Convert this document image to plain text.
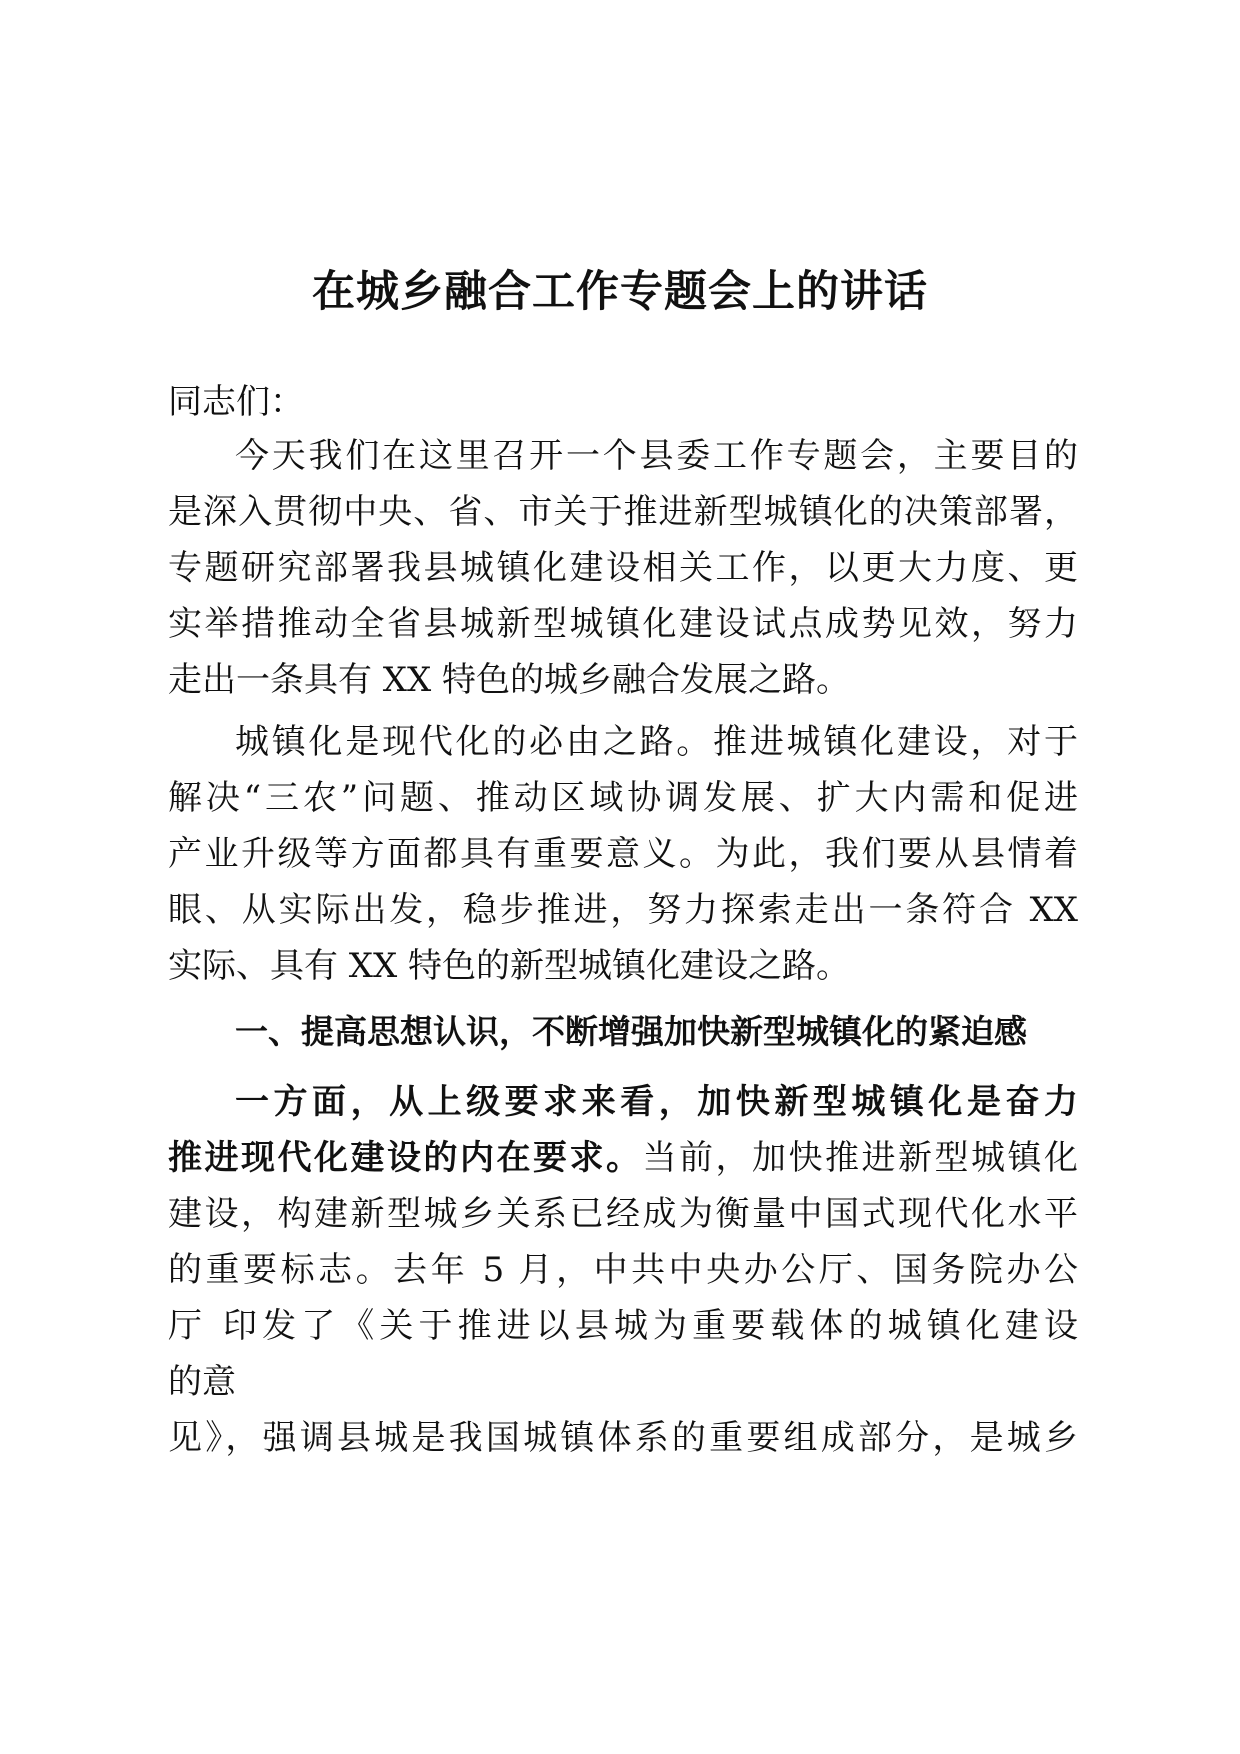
在城乡融合工作专题会上的讲话

同志们：

今天我们在这里召开一个县委工作专题会，主要目的

是深入贯彻中央、省、市关于推进新型城镇化的决策部署，

专题研究部署我县城镇化建设相关工作，以更大力度、更

实举措推动全省县城新型城镇化建设试点成势见效，努力

走出一条具有 XX 特色的城乡融合发展之路。

城镇化是现代化的必由之路。推进城镇化建设，对于

解决“三农”问题、推动区域协调发展、扩大内需和促进

产业升级等方面都具有重要意义。为此，我们要从县情着

眼、从实际出发，稳步推进，努力探索走出一条符合 XX

实际、具有 XX 特色的新型城镇化建设之路。

一、提高思想认识，不断增强加快新型城镇化的紧迫感

一方面，从上级要求来看，加快新型城镇化是奋力

推进现代化建设的内在要求。当前，加快推进新型城镇化

建设，构建新型城乡关系已经成为衡量中国式现代化水平

的重要标志。去年 5 月，中共中央办公厅、国务院办公

厅 印发了《关于推进以县城为重要载体的城镇化建设

的意

见》，强调县城是我国城镇体系的重要组成部分，是城乡
